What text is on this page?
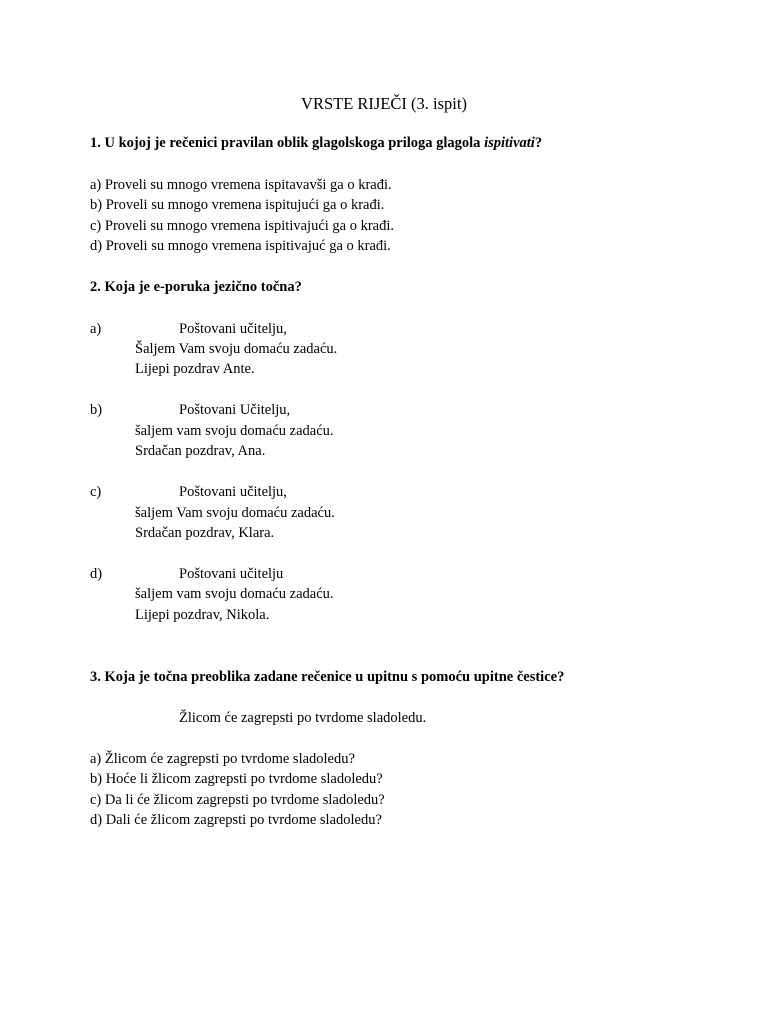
VRSTE RIJEČI (3. ispit)
1. U kojoj je rečenici pravilan oblik glagolskoga priloga glagola ispitivati?
a) Proveli su mnogo vremena ispitavavši ga o krađi.
b) Proveli su mnogo vremena ispitujući ga o krađi.
c) Proveli su mnogo vremena ispitivajući ga o krađi.
d) Proveli su mnogo vremena ispitivajuć ga o krađi.
2. Koja je e-poruka jezično točna?
a)	Poštovani učitelju,
Šaljem Vam svoju domaću zadaću.
Lijepi pozdrav Ante.
b)	Poštovani Učitelju,
šaljem vam svoju domaću zadaću.
Srdačan pozdrav, Ana.
c)	Poštovani učitelju,
šaljem Vam svoju domaću zadaću.
Srdačan pozdrav, Klara.
d)	Poštovani učitelju
šaljem vam svoju domaću zadaću.
Lijepi pozdrav, Nikola.
3. Koja je točna preoblika zadane rečenice u upitnu s pomoću upitne čestice?
Žlicom će zagrepsti po tvrdome sladoledu.
a) Žlicom će zagrepsti po tvrdome sladoledu?
b) Hoće li žlicom zagrepsti po tvrdome sladoledu?
c) Da li će žlicom zagrepsti po tvrdome sladoledu?
d) Dali će žlicom zagrepsti po tvrdome sladoledu?
